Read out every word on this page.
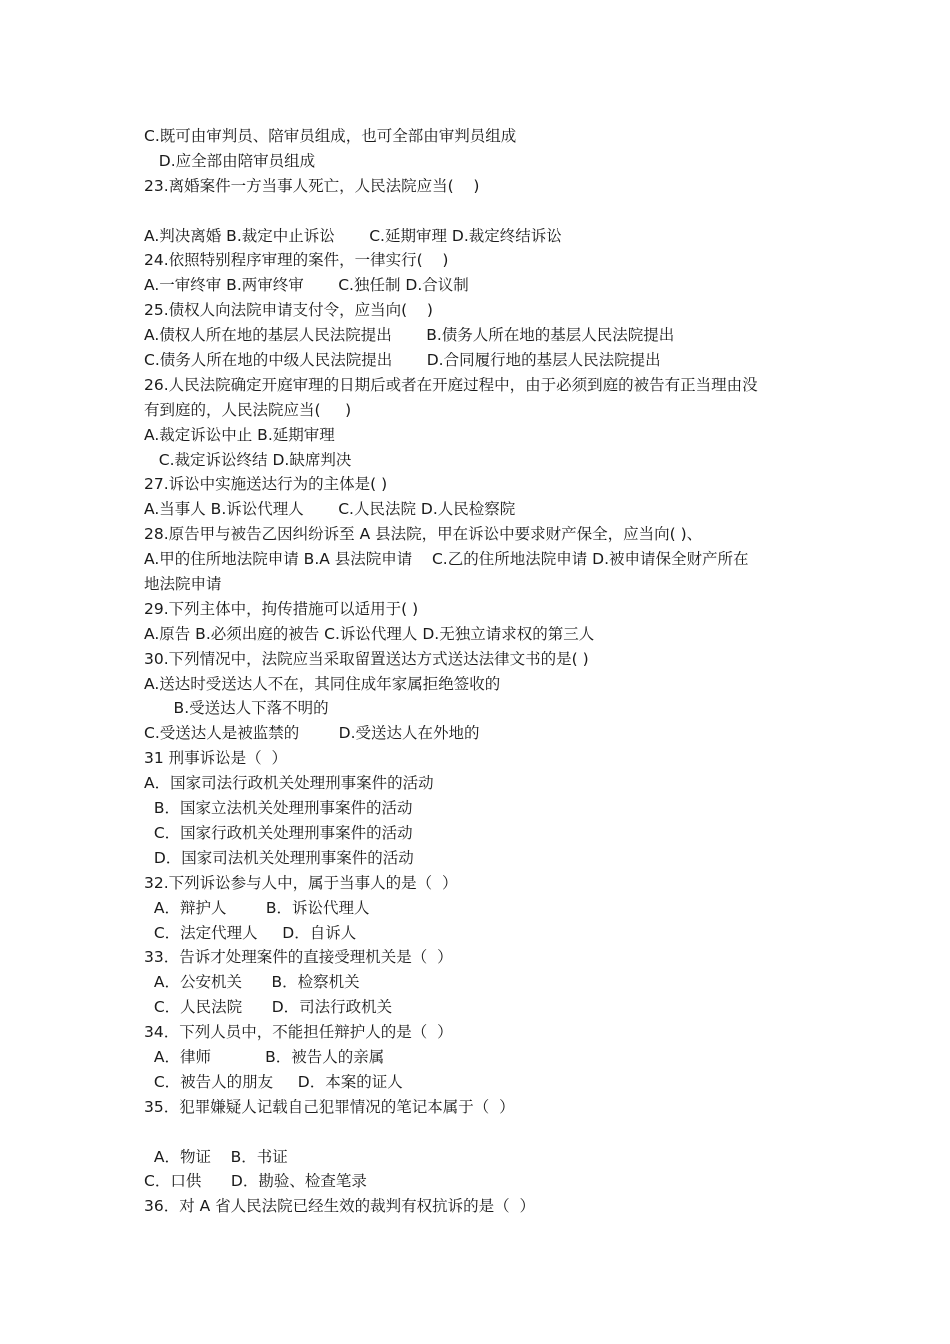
C.既可由审判员、陪审员组成，也可全部由审判员组成
D.应全部由陪审员组成
23.离婚案件一方当事人死亡，人民法院应当(    )
A.判决离婚 B.裁定中止诉讼       C.延期审理 D.裁定终结诉讼
24.依照特别程序审理的案件，一律实行(    )
A.一审终审 B.两审终审       C.独任制 D.合议制
25.债权人向法院申请支付令，应当向(    )
A.债权人所在地的基层人民法院提出       B.债务人所在地的基层人民法院提出
C.债务人所在地的中级人民法院提出       D.合同履行地的基层人民法院提出
26.人民法院确定开庭审理的日期后或者在开庭过程中，由于必须到庭的被告有正当理由没
有到庭的，人民法院应当(     )
A.裁定诉讼中止 B.延期审理
C.裁定诉讼终结 D.缺席判决
27.诉讼中实施送达行为的主体是( )
A.当事人 B.诉讼代理人       C.人民法院 D.人民检察院
28.原告甲与被告乙因纠纷诉至 A 县法院，甲在诉讼中要求财产保全，应当向( )、
A.甲的住所地法院申请 B.A 县法院申请    C.乙的住所地法院申请 D.被申请保全财产所在
地法院申请
29.下列主体中，拘传措施可以适用于( )
A.原告 B.必须出庭的被告 C.诉讼代理人 D.无独立请求权的第三人
30.下列情况中，法院应当采取留置送达方式送达法律文书的是( )
A.送达时受送达人不在，其同住成年家属拒绝签收的
B.受送达人下落不明的
C.受送达人是被监禁的        D.受送达人在外地的
31 刑事诉讼是（  ）
A．国家司法行政机关处理刑事案件的活动
B．国家立法机关处理刑事案件的活动
C．国家行政机关处理刑事案件的活动
D．国家司法机关处理刑事案件的活动
32.下列诉讼参与人中，属于当事人的是（  ）
A．辩护人        B．诉讼代理人
C．法定代理人     D．自诉人
33．告诉才处理案件的直接受理机关是（  ）
A．公安机关      B．检察机关
C．人民法院      D．司法行政机关
34．下列人员中，不能担任辩护人的是（  ）
A．律师           B．被告人的亲属
C．被告人的朋友     D．本案的证人
35．犯罪嫌疑人记载自己犯罪情况的笔记本属于（  ）
A．物证    B．书证
C．口供      D．勘验、检查笔录
36．对 A 省人民法院已经生效的裁判有权抗诉的是（  ）
